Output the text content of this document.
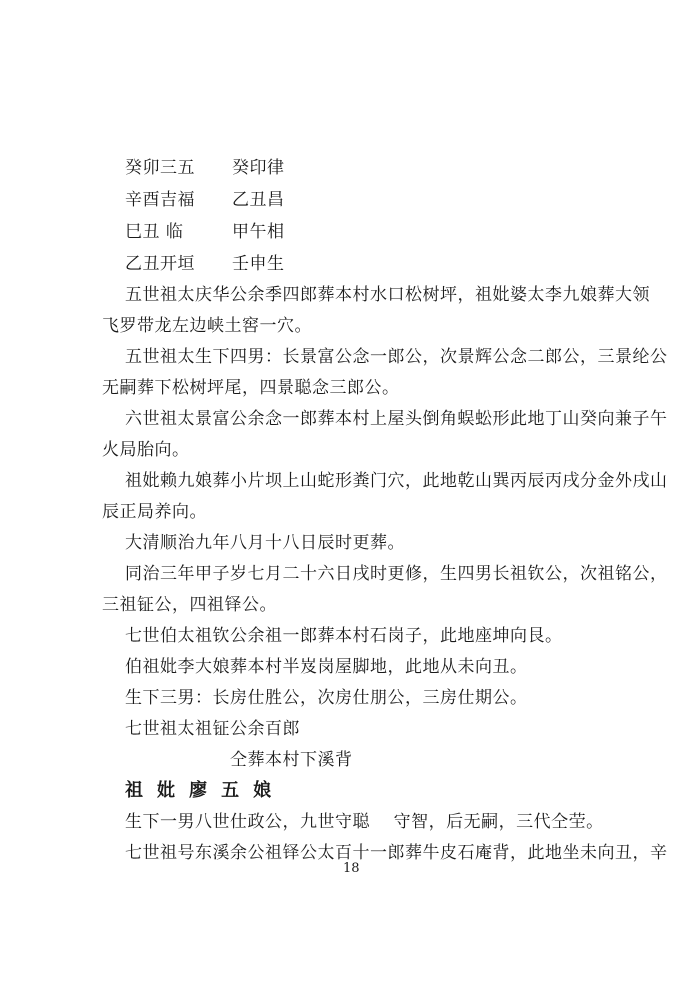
癸卯三五 癸印律
辛酉吉福 乙丑昌
巳丑 临	甲午相
乙丑开垣 壬申生
五世祖太庆华公余季四郎葬本村水口松树坪，祖妣婆太李九娘葬大领
飞罗带龙左边峡土窖一穴。
五世祖太生下四男：长景富公念一郎公，次景辉公念二郎公，三景纶公
无嗣葬下松树坪尾，四景聪念三郎公。
六世祖太景富公余念一郎葬本村上屋头倒角蜈蚣形此地丁山癸向兼子午
火局胎向。
祖妣赖九娘葬小片坝上山蛇形粪门穴，此地乾山巽丙辰丙戌分金外戌山
辰正局养向。
大清顺治九年八月十八日辰时更葬。
同治三年甲子岁七月二十六日戌时更修，生四男长祖钦公，次祖铭公，
三祖钲公，四祖铎公。
七世伯太祖钦公余祖一郎葬本村石岗子，此地座坤向艮。
伯祖妣李大娘葬本村半岌岗屋脚地，此地从未向丑。
生下三男：长房仕胜公，次房仕朋公，三房仕期公。
七世祖太祖钲公余百郎
仝葬本村下溪背
祖  妣  廖  五  娘
生下一男八世仕政公，九世守聪    守智，后无嗣，三代仝茔。
七世祖号东溪余公祖铎公太百十一郎葬牛皮石庵背，此地坐未向丑，辛
18
